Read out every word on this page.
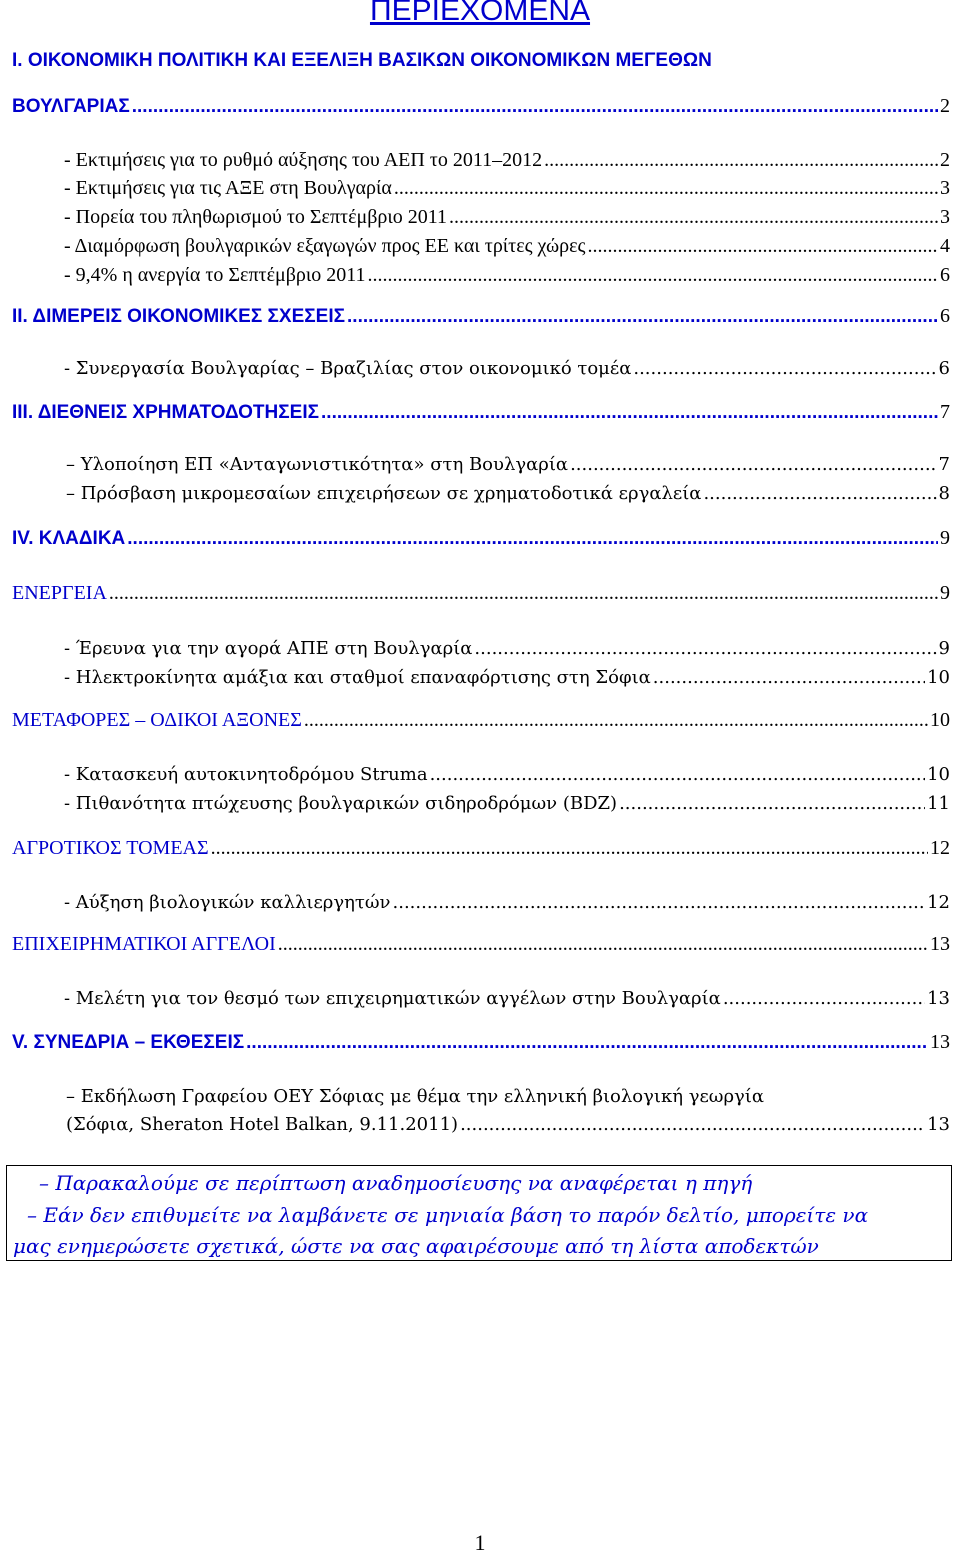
ΠΕΡΙΕΧΟΜΕΝΑ
Ι. ΟΙΚΟΝΟΜΙΚΗ ΠΟΛΙΤΙΚΗ ΚΑΙ ΕΞΕΛΙΞΗ ΒΑΣΙΚΩΝ ΟΙΚΟΝΟΜΙΚΩΝ ΜΕΓΕΘΩΝ
ΒΟΥΛΓΑΡΙΑΣ .....	2
- Εκτιμήσεις για το ρυθμό αύξησης του ΑΕΠ το 2011–2012 .....	2
- Εκτιμήσεις για τις ΑΞΕ στη Βουλγαρία .....	3
- Πορεία του πληθωρισμού το Σεπτέμβριο 2011 .....	3
- Διαμόρφωση βουλγαρικών εξαγωγών προς ΕΕ και τρίτες χώρες .....	4
- 9,4% η ανεργία το Σεπτέμβριο 2011 .....	6
ΙΙ. ΔΙΜΕΡΕΙΣ ΟΙΚΟΝΟΜΙΚΕΣ ΣΧΕΣΕΙΣ .....	6
- Συνεργασία Βουλγαρίας – Βραζιλίας στον οικονομικό τομέα .....	6
ΙΙΙ. ΔΙΕΘΝΕΙΣ ΧΡΗΜΑΤΟΔΟΤΗΣΕΙΣ .....	7
– Υλοποίηση ΕΠ «Ανταγωνιστικότητα» στη Βουλγαρία .....	7
– Πρόσβαση μικρομεσαίων επιχειρήσεων σε χρηματοδοτικά εργαλεία .....	8
IV. ΚΛΑΔΙΚΑ .....	9
ΕΝΕΡΓΕΙΑ .....	9
- Έρευνα για την αγορά ΑΠΕ στη Βουλγαρία .....	9
- Ηλεκτροκίνητα αμάξια και σταθμοί επαναφόρτισης στη Σόφια .....	10
ΜΕΤΑΦΟΡΕΣ – ΟΔΙΚΟΙ ΑΞΟΝΕΣ .....	10
- Κατασκευή αυτοκινητοδρόμου Struma .....	10
- Πιθανότητα πτώχευσης βουλγαρικών σιδηροδρόμων (BDZ) .....	11
ΑΓΡΟΤΙΚΟΣ ΤΟΜΕΑΣ .....	12
- Αύξηση βιολογικών καλλιεργητών .....	12
ΕΠΙΧΕΙΡΗΜΑΤΙΚΟΙ ΑΓΓΕΛΟΙ .....	13
- Μελέτη για τον θεσμό των επιχειρηματικών αγγέλων στην Βουλγαρία .....	13
V. ΣΥΝΕΔΡΙΑ – ΕΚΘΕΣΕΙΣ .....	13
– Εκδήλωση Γραφείου ΟΕΥ Σόφιας με θέμα την ελληνική βιολογική γεωργία
(Σόφια, Sheraton Hotel Balkan, 9.11.2011) .....	13
– Παρακαλούμε σε περίπτωση αναδημοσίευσης να αναφέρεται η πηγή
– Εάν δεν επιθυμείτε να λαμβάνετε σε μηνιαία βάση το παρόν δελτίο, μπορείτε να
μας ενημερώσετε σχετικά, ώστε να σας αφαιρέσουμε από τη λίστα αποδεκτών
1
